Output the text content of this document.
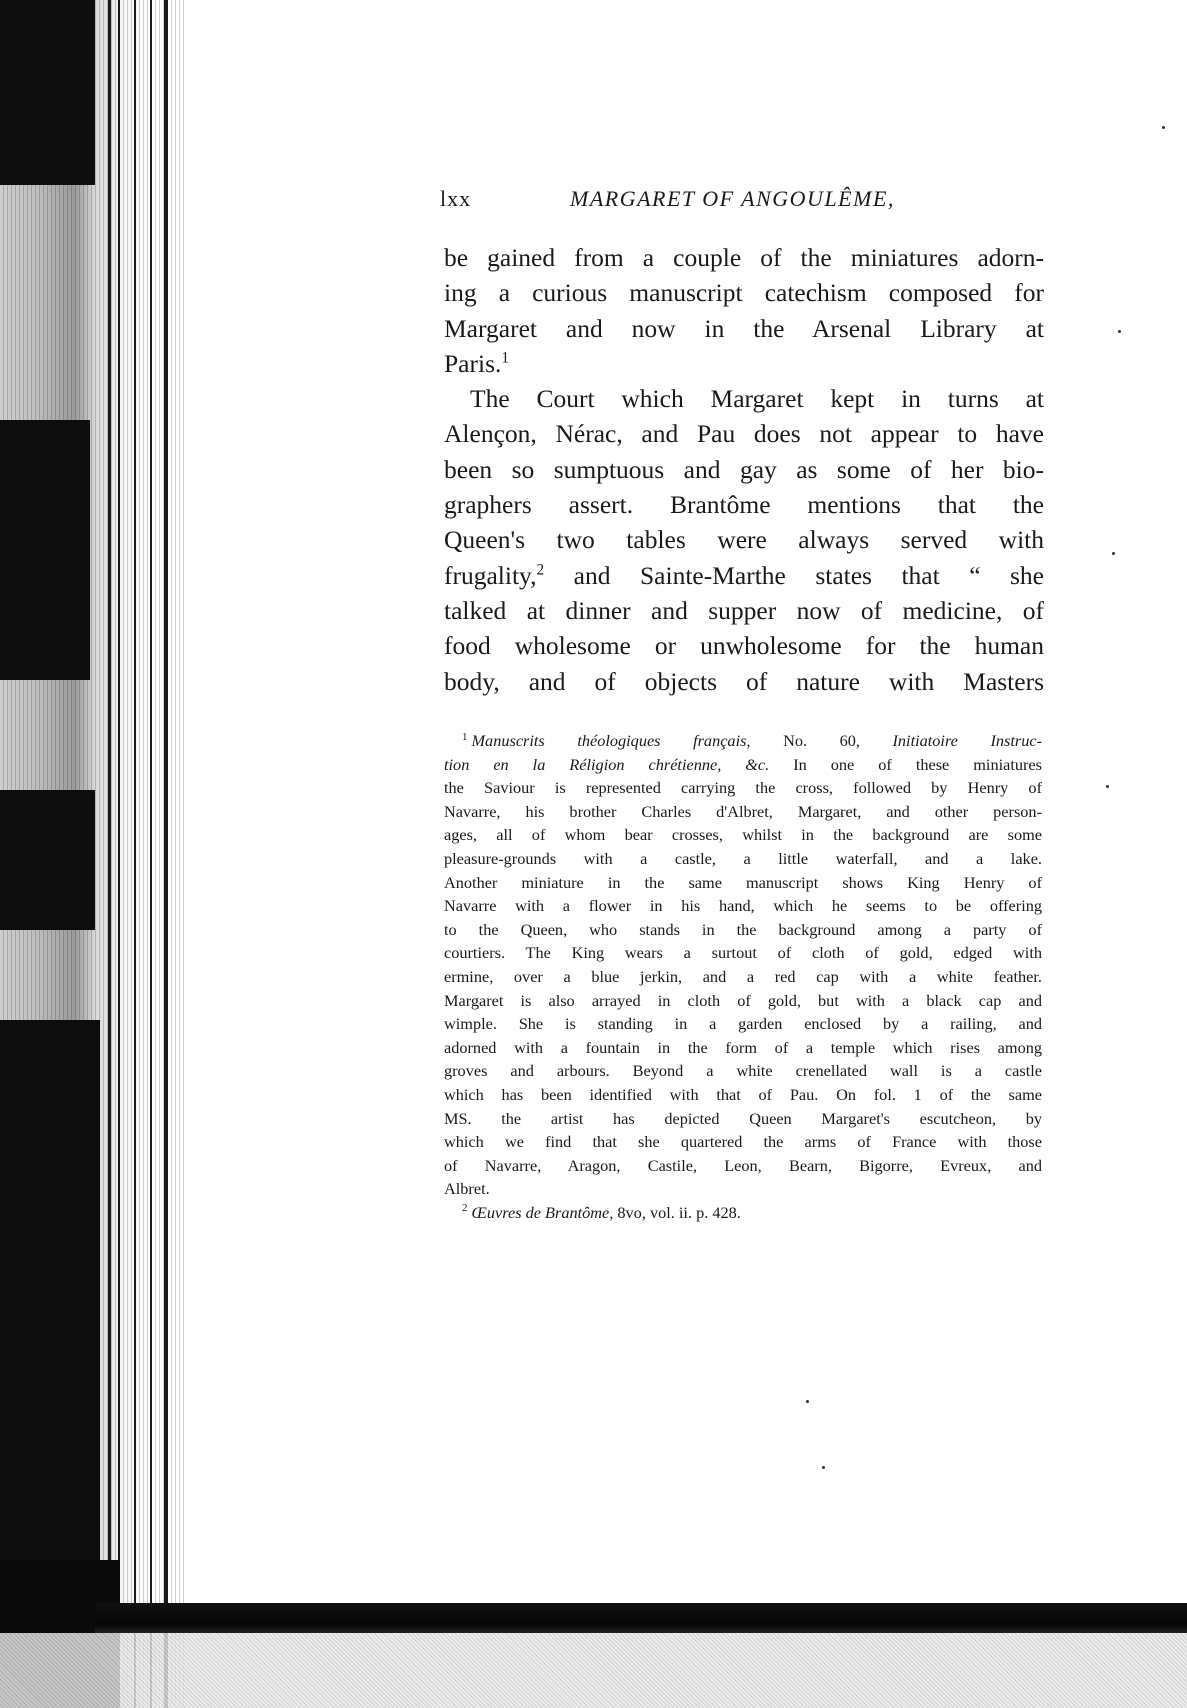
lxx	MARGARET OF ANGOULÊME,
be gained from a couple of the miniatures adorn-
ing a curious manuscript catechism composed for
Margaret and now in the Arsenal Library at
Paris.$^1$
The Court which Margaret kept in turns at
Alençon, Nérac, and Pau does not appear to have
been so sumptuous and gay as some of her bio-
graphers assert. Brantôme mentions that the
Queen's two tables were always served with
frugality,$^2$ and Sainte-Marthe states that “ she
talked at dinner and supper now of medicine, of
food wholesome or unwholesome for the human
body, and of objects of nature with Masters
$^1$ Manuscrits théologiques français, No. 60, Initiatoire Instruc-
tion en la Réligion chrétienne, &c. In one of these miniatures
the Saviour is represented carrying the cross, followed by Henry of
Navarre, his brother Charles d'Albret, Margaret, and other person-
ages, all of whom bear crosses, whilst in the background are some
pleasure-grounds with a castle, a little waterfall, and a lake.
Another miniature in the same manuscript shows King Henry of
Navarre with a flower in his hand, which he seems to be offering
to the Queen, who stands in the background among a party of
courtiers. The King wears a surtout of cloth of gold, edged with
ermine, over a blue jerkin, and a red cap with a white feather.
Margaret is also arrayed in cloth of gold, but with a black cap and
wimple. She is standing in a garden enclosed by a railing, and
adorned with a fountain in the form of a temple which rises among
groves and arbours. Beyond a white crenellated wall is a castle
which has been identified with that of Pau. On fol. 1 of the same
MS. the artist has depicted Queen Margaret's escutcheon, by
which we find that she quartered the arms of France with those
of Navarre, Aragon, Castile, Leon, Bearn, Bigorre, Evreux, and
Albret.
$^2$ Œuvres de Brantôme, 8vo, vol. ii. p. 428.
